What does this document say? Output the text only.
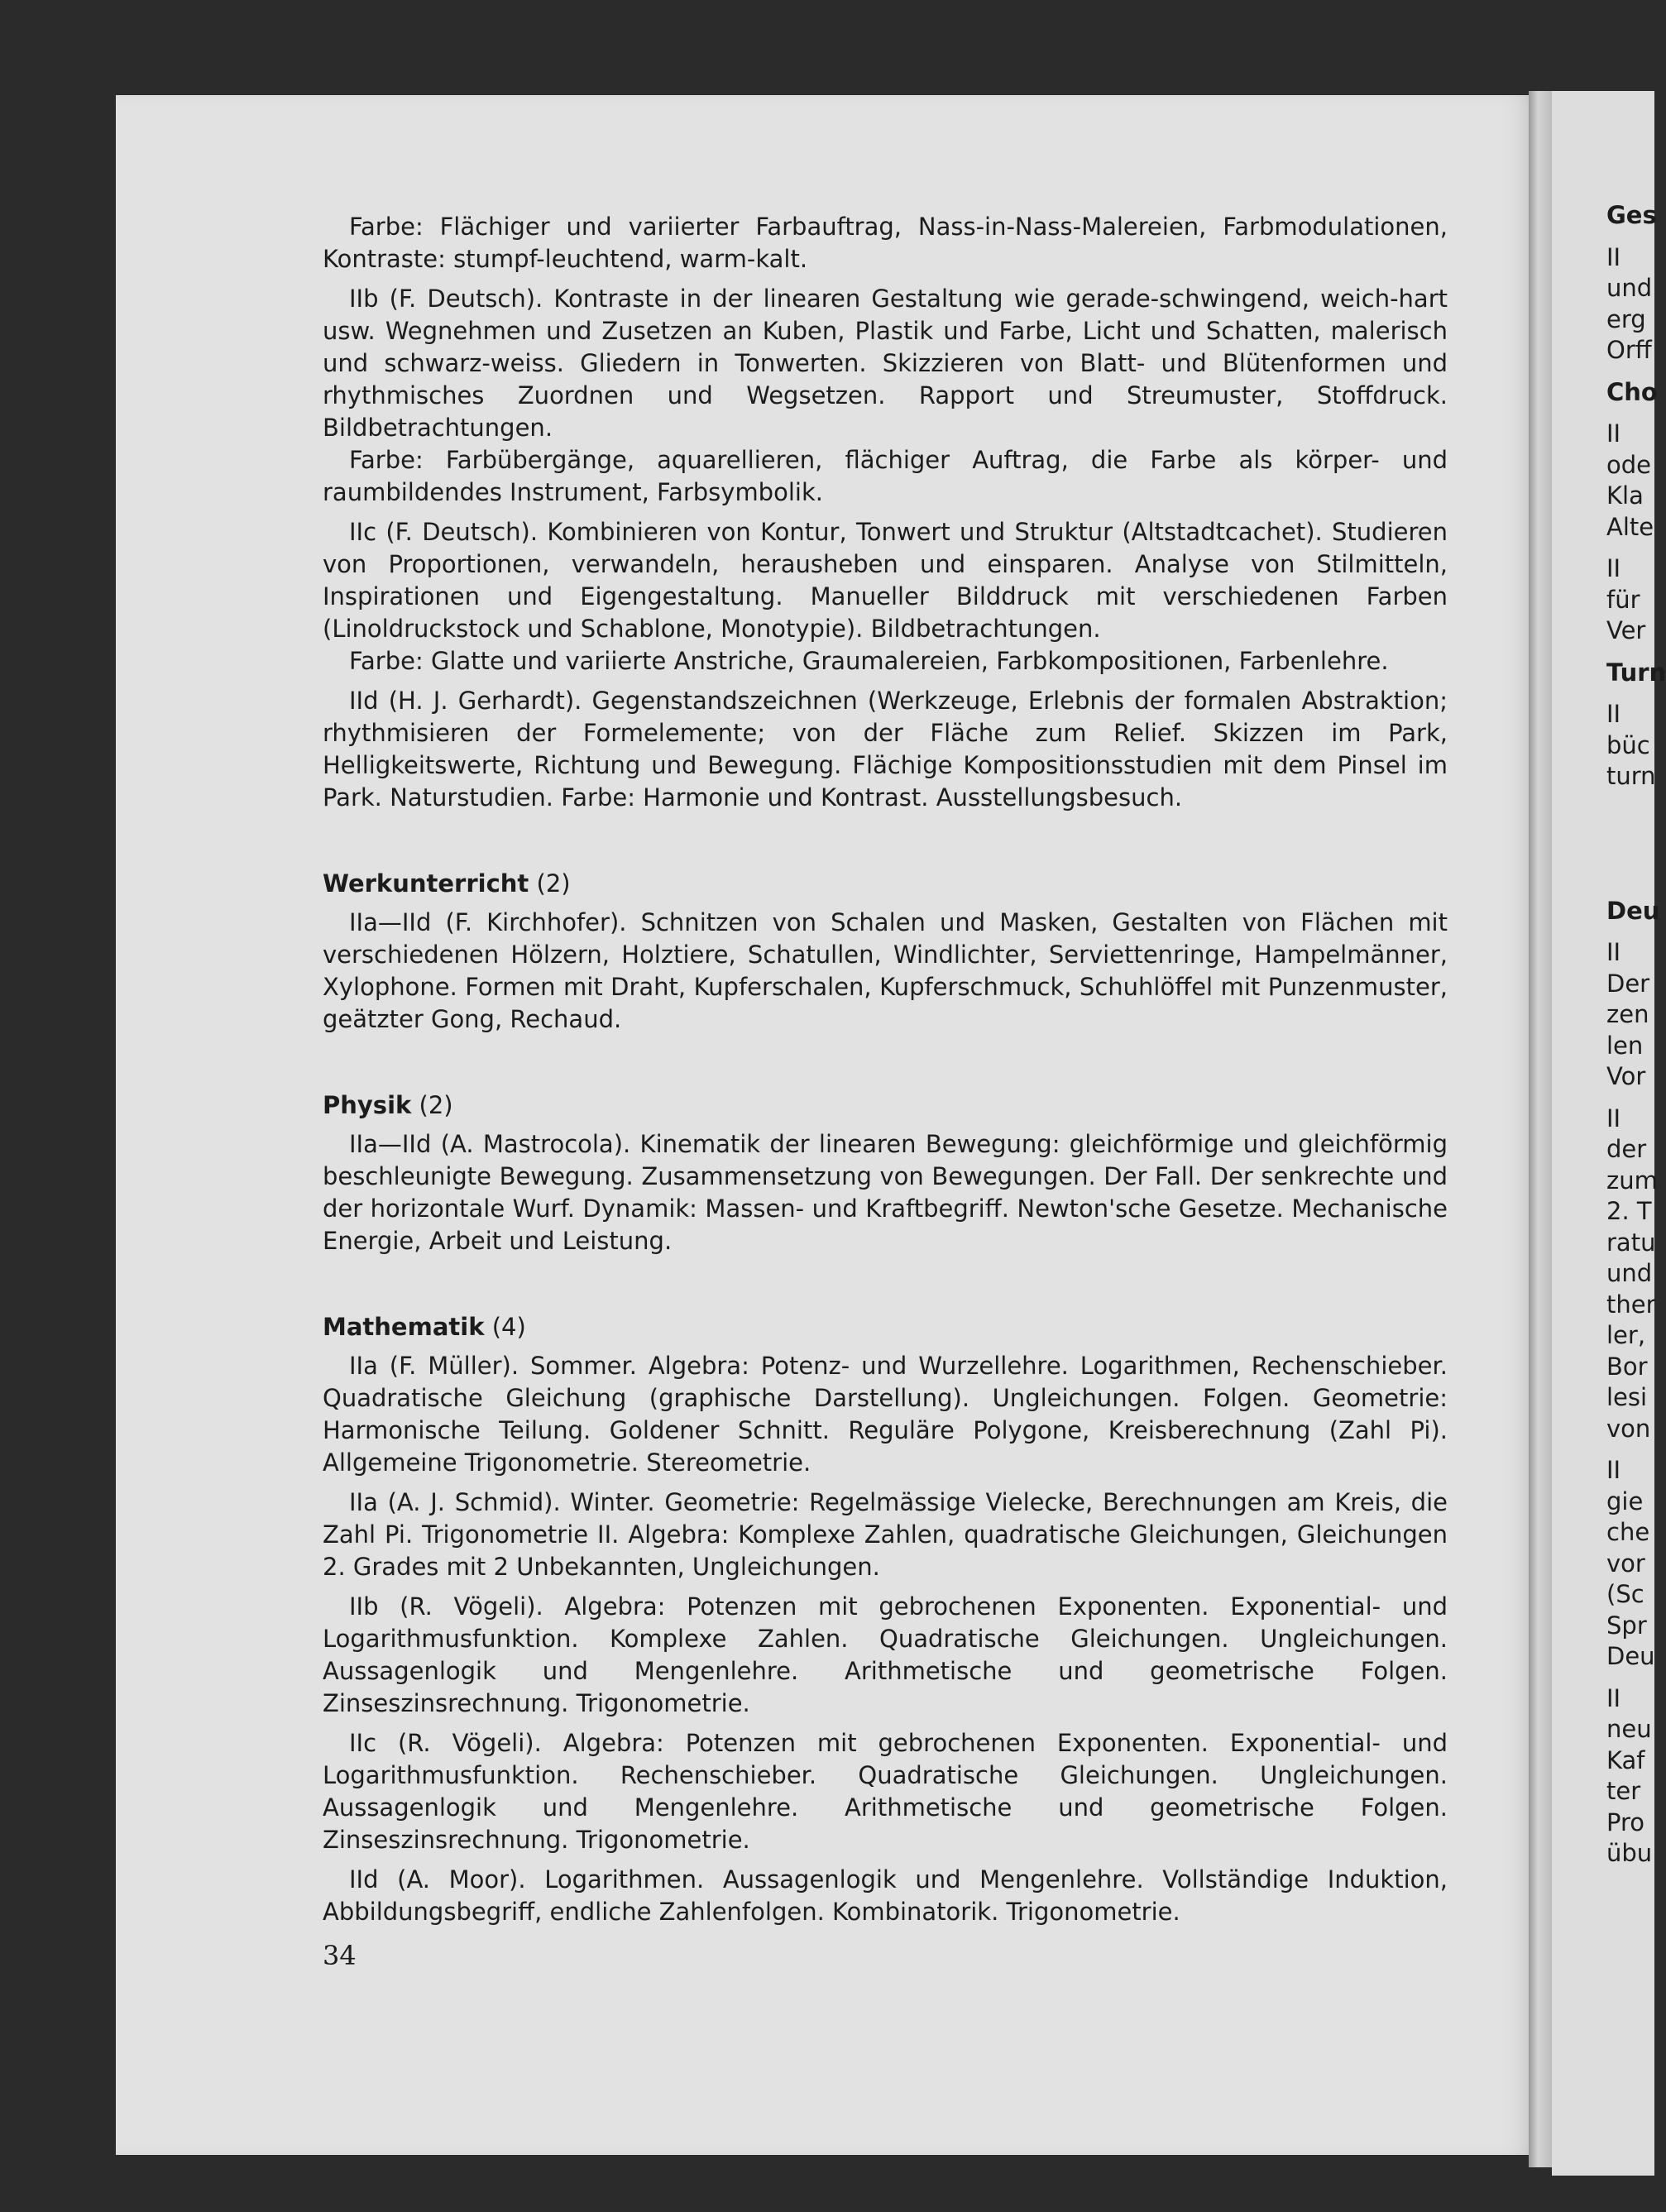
Farbe: Flächiger und variierter Farbauftrag, Nass-in-Nass-Malereien, Farbmodulationen, Kontraste: stumpf-leuchtend, warm-kalt.

IIb (F. Deutsch). Kontraste in der linearen Gestaltung wie gerade-schwingend, weich-hart usw. Wegnehmen und Zusetzen an Kuben, Plastik und Farbe, Licht und Schatten, malerisch und schwarz-weiss. Gliedern in Tonwerten. Skizzieren von Blatt- und Blütenformen und rhythmisches Zuordnen und Wegsetzen. Rapport und Streumuster, Stoffdruck. Bildbetrachtungen.

Farbe: Farbübergänge, aquarellieren, flächiger Auftrag, die Farbe als körper- und raumbildendes Instrument, Farbsymbolik.

IIc (F. Deutsch). Kombinieren von Kontur, Tonwert und Struktur (Altstadtcachet). Studieren von Proportionen, verwandeln, herausheben und einsparen. Analyse von Stilmitteln, Inspirationen und Eigengestaltung. Manueller Bilddruck mit verschiedenen Farben (Linoldruckstock und Schablone, Monotypie). Bildbetrachtungen.

Farbe: Glatte und variierte Anstriche, Graumalereien, Farbkompositionen, Farbenlehre.

IId (H. J. Gerhardt). Gegenstandszeichnen (Werkzeuge, Erlebnis der formalen Abstraktion; rhythmisieren der Formelemente; von der Fläche zum Relief. Skizzen im Park, Helligkeitswerte, Richtung und Bewegung. Flächige Kompositionsstudien mit dem Pinsel im Park. Naturstudien. Farbe: Harmonie und Kontrast. Ausstellungsbesuch.

Werkunterricht (2)

IIa—IId (F. Kirchhofer). Schnitzen von Schalen und Masken, Gestalten von Flächen mit verschiedenen Hölzern, Holztiere, Schatullen, Windlichter, Serviettenringe, Hampelmänner, Xylophone. Formen mit Draht, Kupferschalen, Kupferschmuck, Schuhlöffel mit Punzenmuster, geätzter Gong, Rechaud.

Physik (2)

IIa—IId (A. Mastrocola). Kinematik der linearen Bewegung: gleichförmige und gleichförmig beschleunigte Bewegung. Zusammensetzung von Bewegungen. Der Fall. Der senkrechte und der horizontale Wurf. Dynamik: Massen- und Kraftbegriff. Newton'sche Gesetze. Mechanische Energie, Arbeit und Leistung.

Mathematik (4)

IIa (F. Müller). Sommer. Algebra: Potenz- und Wurzellehre. Logarithmen, Rechenschieber. Quadratische Gleichung (graphische Darstellung). Ungleichungen. Folgen. Geometrie: Harmonische Teilung. Goldener Schnitt. Reguläre Polygone, Kreisberechnung (Zahl Pi). Allgemeine Trigonometrie. Stereometrie.

IIa (A. J. Schmid). Winter. Geometrie: Regelmässige Vielecke, Berechnungen am Kreis, die Zahl Pi. Trigonometrie II. Algebra: Komplexe Zahlen, quadratische Gleichungen, Gleichungen 2. Grades mit 2 Unbekannten, Ungleichungen.

IIb (R. Vögeli). Algebra: Potenzen mit gebrochenen Exponenten. Exponential- und Logarithmusfunktion. Komplexe Zahlen. Quadratische Gleichungen. Ungleichungen. Aussagenlogik und Mengenlehre. Arithmetische und geometrische Folgen. Zinseszinsrechnung. Trigonometrie.

IIc (R. Vögeli). Algebra: Potenzen mit gebrochenen Exponenten. Exponential- und Logarithmusfunktion. Rechenschieber. Quadratische Gleichungen. Ungleichungen. Aussagenlogik und Mengenlehre. Arithmetische und geometrische Folgen. Zinseszinsrechnung. Trigonometrie.

IId (A. Moor). Logarithmen. Aussagenlogik und Mengenlehre. Vollständige Induktion, Abbildungsbegriff, endliche Zahlenfolgen. Kombinatorik. Trigonometrie.

34
Ges
II
und
erg
Orff
Cho
II
ode
Kla
Alte
II
für
Ver
Turn
II
büc
turn
Deu
II
Der
zen
len
Vor
II
der
zum
2. T
ratu
und
ther
ler,
Bor
lesi
von
II
gie
che
vor
(Sc
Spr
Deu
II
neu
Kaf
ter
Pro
übu
